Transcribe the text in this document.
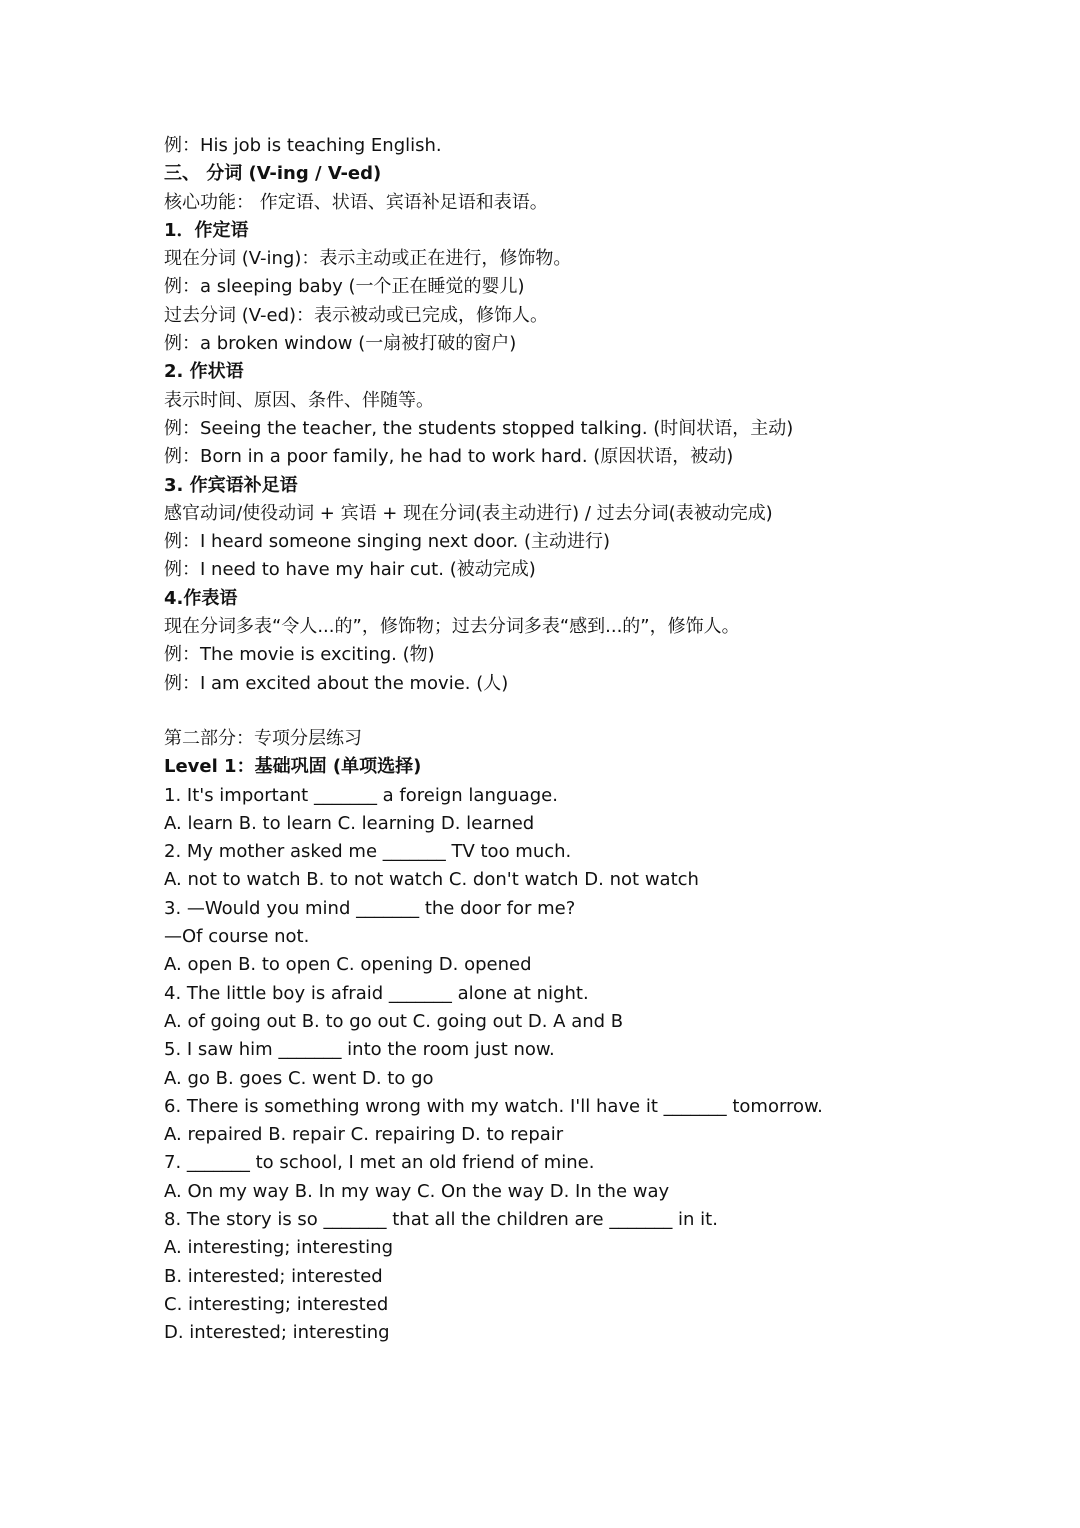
例：His job is teaching English.
三、 分词 (V-ing / V-ed)
核心功能： 作定语、状语、宾语补足语和表语。
1．作定语
现在分词 (V-ing)：表示主动或正在进行，修饰物。
例：a sleeping baby (一个正在睡觉的婴儿)
过去分词 (V-ed)：表示被动或已完成，修饰人。
例：a broken window (一扇被打破的窗户)
2. 作状语
表示时间、原因、条件、伴随等。
例：Seeing the teacher, the students stopped talking. (时间状语，主动)
例：Born in a poor family, he had to work hard. (原因状语，被动)
3. 作宾语补足语
感官动词/使役动词 + 宾语 + 现在分词(表主动进行) / 过去分词(表被动完成)
例：I heard someone singing next door. (主动进行)
例：I need to have my hair cut. (被动完成)
4.作表语
现在分词多表“令人...的”，修饰物；过去分词多表“感到...的”，修饰人。
例：The movie is exciting. (物)
例：I am excited about the movie. (人)
第二部分：专项分层练习
Level 1：基础巩固 (单项选择)
1. It's important _______ a foreign language.
A. learn B. to learn C. learning D. learned
2. My mother asked me _______ TV too much.
A. not to watch B. to not watch C. don't watch D. not watch
3. —Would you mind _______ the door for me?
—Of course not.
A. open B. to open C. opening D. opened
4. The little boy is afraid _______ alone at night.
A. of going out B. to go out C. going out D. A and B
5. I saw him _______ into the room just now.
A. go B. goes C. went D. to go
6. There is something wrong with my watch. I'll have it _______ tomorrow.
A. repaired B. repair C. repairing D. to repair
7. _______ to school, I met an old friend of mine.
A. On my way B. In my way C. On the way D. In the way
8. The story is so _______ that all the children are _______ in it.
A. interesting; interesting
B. interested; interested
C. interesting; interested
D. interested; interesting
